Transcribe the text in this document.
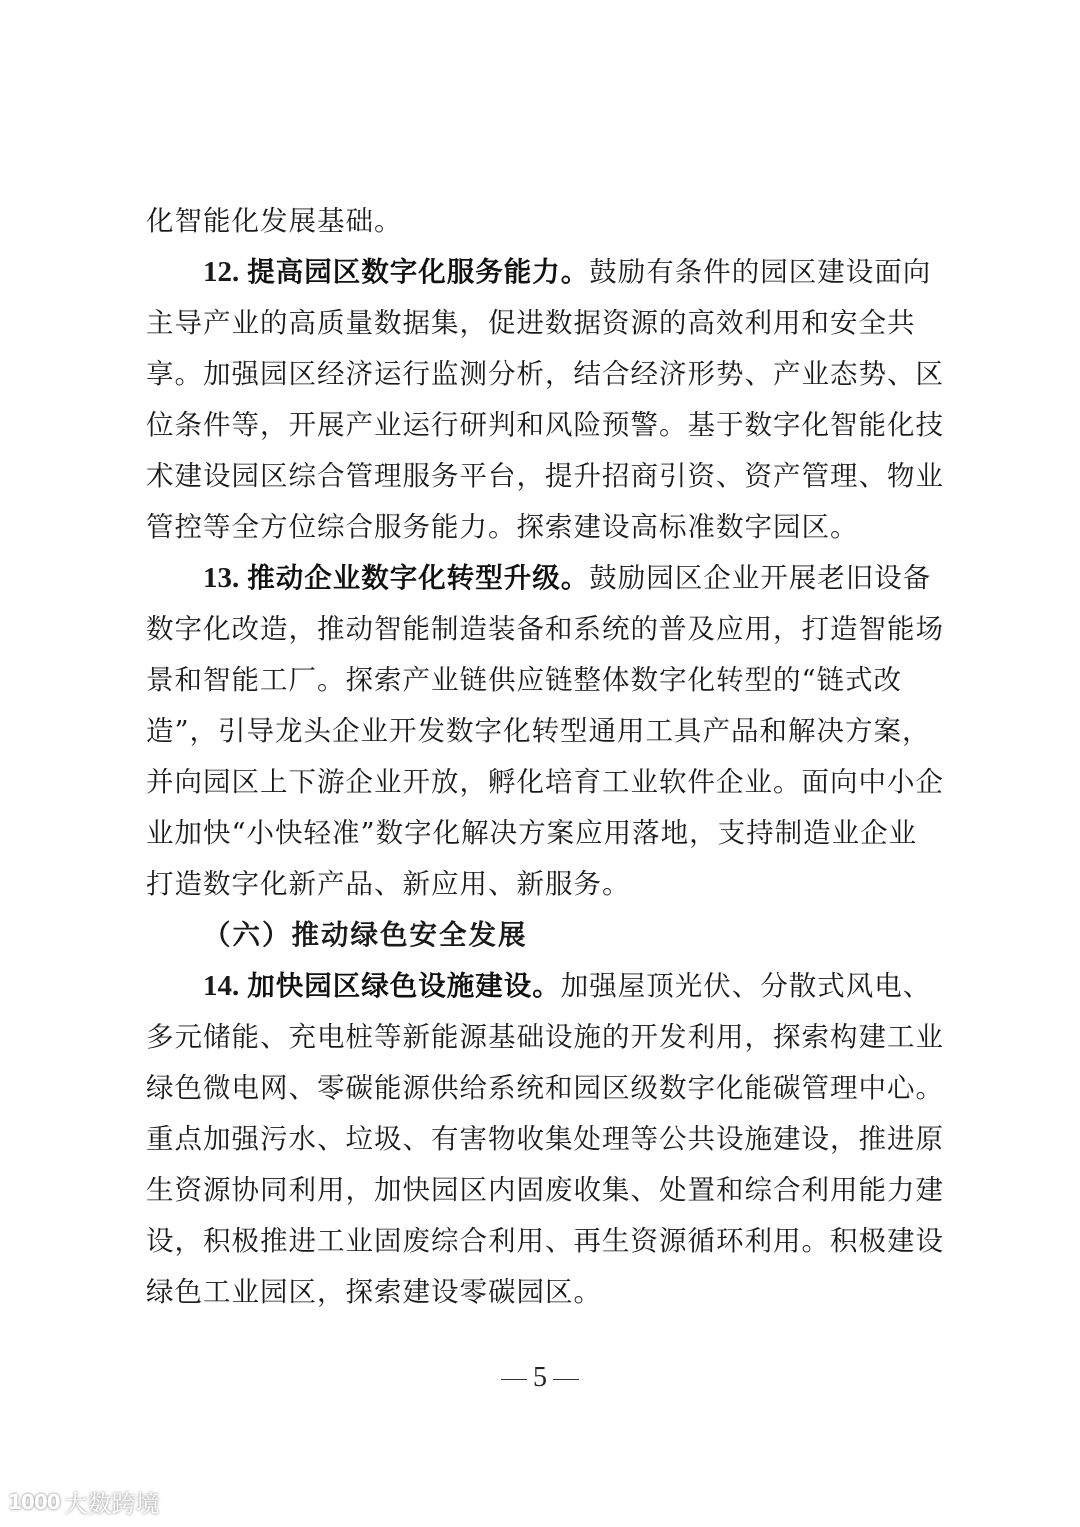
化智能化发展基础。
12. 提高园区数字化服务能力。鼓励有条件的园区建设面向
主导产业的高质量数据集，促进数据资源的高效利用和安全共
享。加强园区经济运行监测分析，结合经济形势、产业态势、区
位条件等，开展产业运行研判和风险预警。基于数字化智能化技
术建设园区综合管理服务平台，提升招商引资、资产管理、物业
管控等全方位综合服务能力。探索建设高标准数字园区。
13. 推动企业数字化转型升级。鼓励园区企业开展老旧设备
数字化改造，推动智能制造装备和系统的普及应用，打造智能场
景和智能工厂。探索产业链供应链整体数字化转型的“链式改
造”，引导龙头企业开发数字化转型通用工具产品和解决方案，
并向园区上下游企业开放，孵化培育工业软件企业。面向中小企
业加快“小快轻准”数字化解决方案应用落地，支持制造业企业
打造数字化新产品、新应用、新服务。
（六）推动绿色安全发展
14. 加快园区绿色设施建设。加强屋顶光伏、分散式风电、
多元储能、充电桩等新能源基础设施的开发利用，探索构建工业
绿色微电网、零碳能源供给系统和园区级数字化能碳管理中心。
重点加强污水、垃圾、有害物收集处理等公共设施建设，推进原
生资源协同利用，加快园区内固废收集、处置和综合利用能力建
设，积极推进工业固废综合利用、再生资源循环利用。积极建设
绿色工业园区，探索建设零碳园区。
5
1000 大数跨境
